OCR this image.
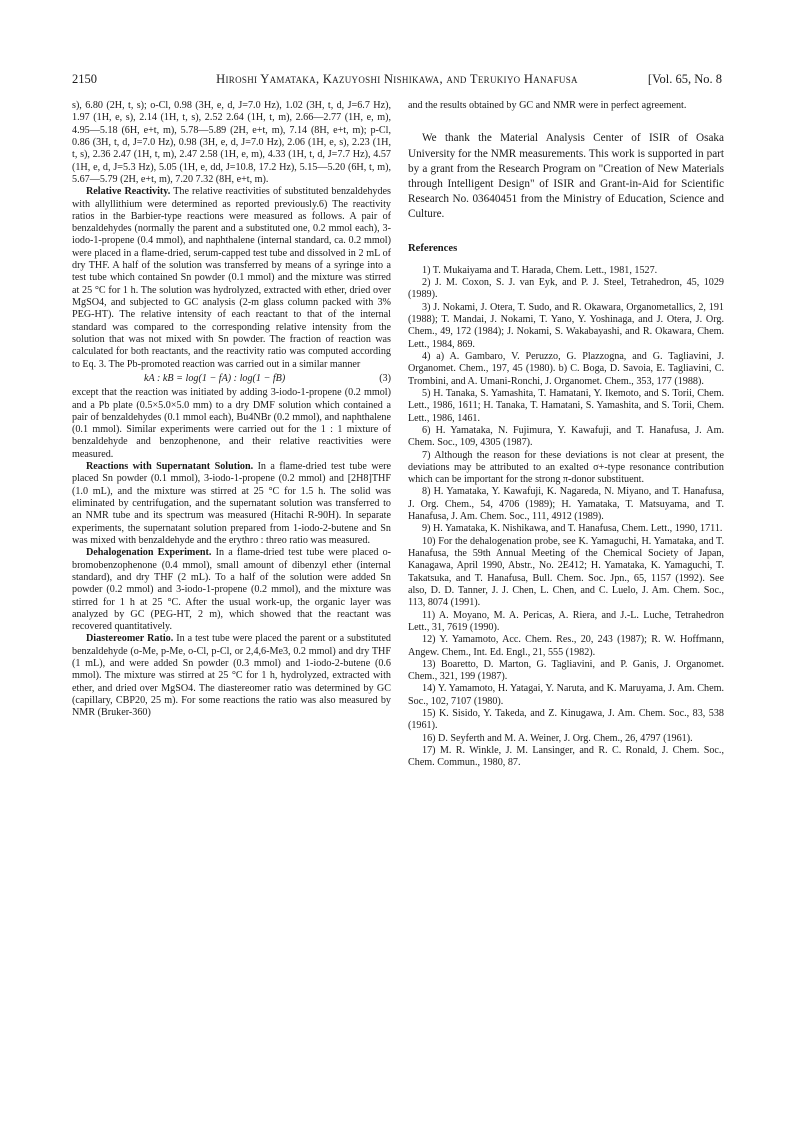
2150	Hiroshi Yamataka, Kazuyoshi Nishikawa, and Terukiyo Hanafusa	[Vol. 65, No. 8

s), 6.80 (2H, t, s); o-Cl, 0.98 (3H, e, d, J=7.0 Hz), 1.02 (3H, t, d, J=6.7 Hz), 1.97 (1H, e, s), 2.14 (1H, t, s), 2.52 2.64 (1H, t, m), 2.66—2.77 (1H, e, m), 4.95—5.18 (6H, e+t, m), 5.78—5.89 (2H, e+t, m), 7.14 (8H, e+t, m); p-Cl, 0.86 (3H, t, d, J=7.0 Hz), 0.98 (3H, e, d, J=7.0 Hz), 2.06 (1H, e, s), 2.23 (1H, t, s), 2.36 2.47 (1H, t, m), 2.47 2.58 (1H, e, m), 4.33 (1H, t, d, J=7.7 Hz), 4.57 (1H, e, d, J=5.3 Hz), 5.05 (1H, e, dd, J=10.8, 17.2 Hz), 5.15—5.20 (6H, t, m), 5.67—5.79 (2H, e+t, m), 7.20 7.32 (8H, e+t, m).

Relative Reactivity. The relative reactivities of substituted benzaldehydes with allyllithium were determined as reported previously.6) The reactivity ratios in the Barbier-type reactions were measured as follows. A pair of benzaldehydes (normally the parent and a substituted one, 0.2 mmol each), 3-iodo-1-propene (0.4 mmol), and naphthalene (internal standard, ca. 0.2 mmol) were placed in a flame-dried, serum-capped test tube and dissolved in 2 mL of dry THF. A half of the solution was transferred by means of a syringe into a test tube which contained Sn powder (0.1 mmol) and the mixture was stirred at 25 °C for 1 h. The solution was hydrolyzed, extracted with ether, dried over MgSO4, and subjected to GC analysis (2-m glass column packed with 3% PEG-HT). The relative intensity of each reactant to that of the internal standard was compared to the corresponding relative intensity from the solution that was not mixed with Sn powder. The fraction of reaction was calculated for both reactants, and the reactivity ratio was computed according to Eq. 3. The Pb-promoted reaction was carried out in a similar manner

kA : kB = log(1 − fA) : log(1 − fB)	(3)

except that the reaction was initiated by adding 3-iodo-1-propene (0.2 mmol) and a Pb plate (0.5×5.0×5.0 mm) to a dry DMF solution which contained a pair of benzaldehydes (0.1 mmol each), Bu4NBr (0.2 mmol), and naphthalene (0.1 mmol). Similar experiments were carried out for the 1 : 1 mixture of benzaldehyde and benzophenone, and their relative reactivities were measured.

Reactions with Supernatant Solution. In a flame-dried test tube were placed Sn powder (0.1 mmol), 3-iodo-1-propene (0.2 mmol) and [2H8]THF (1.0 mL), and the mixture was stirred at 25 °C for 1.5 h. The solid was eliminated by centrifugation, and the supernatant solution was transferred to an NMR tube and its spectrum was measured (Hitachi R-90H). In separate experiments, the supernatant solution prepared from 1-iodo-2-butene and Sn was mixed with benzaldehyde and the erythro : threo ratio was measured.

Dehalogenation Experiment. In a flame-dried test tube were placed o-bromobenzophenone (0.4 mmol), small amount of dibenzyl ether (internal standard), and dry THF (2 mL). To a half of the solution were added Sn powder (0.2 mmol) and 3-iodo-1-propene (0.2 mmol), and the mixture was stirred for 1 h at 25 °C. After the usual work-up, the organic layer was analyzed by GC (PEG-HT, 2 m), which showed that the reactant was recovered quantitatively.

Diastereomer Ratio. In a test tube were placed the parent or a substituted benzaldehyde (o-Me, p-Me, o-Cl, p-Cl, or 2,4,6-Me3, 0.2 mmol) and dry THF (1 mL), and were added Sn powder (0.3 mmol) and 1-iodo-2-butene (0.6 mmol). The mixture was stirred at 25 °C for 1 h, hydrolyzed, extracted with ether, and dried over MgSO4. The diastereomer ratio was determined by GC (capillary, CBP20, 25 m). For some reactions the ratio was also measured by NMR (Bruker-360)

and the results obtained by GC and NMR were in perfect agreement.

We thank the Material Analysis Center of ISIR of Osaka University for the NMR measurements. This work is supported in part by a grant from the Research Program on "Creation of New Materials through Intelligent Design" of ISIR and Grant-in-Aid for Scientific Research No. 03640451 from the Ministry of Education, Science and Culture.

References

1) T. Mukaiyama and T. Harada, Chem. Lett., 1981, 1527.

2) J. M. Coxon, S. J. van Eyk, and P. J. Steel, Tetrahedron, 45, 1029 (1989).

3) J. Nokami, J. Otera, T. Sudo, and R. Okawara, Organometallics, 2, 191 (1988); T. Mandai, J. Nokami, T. Yano, Y. Yoshinaga, and J. Otera, J. Org. Chem., 49, 172 (1984); J. Nokami, S. Wakabayashi, and R. Okawara, Chem. Lett., 1984, 869.

4) a) A. Gambaro, V. Peruzzo, G. Plazzogna, and G. Tagliavini, J. Organomet. Chem., 197, 45 (1980). b) C. Boga, D. Savoia, E. Tagliavini, C. Trombini, and A. Umani-Ronchi, J. Organomet. Chem., 353, 177 (1988).

5) H. Tanaka, S. Yamashita, T. Hamatani, Y. Ikemoto, and S. Torii, Chem. Lett., 1986, 1611; H. Tanaka, T. Hamatani, S. Yamashita, and S. Torii, Chem. Lett., 1986, 1461.

6) H. Yamataka, N. Fujimura, Y. Kawafuji, and T. Hanafusa, J. Am. Chem. Soc., 109, 4305 (1987).

7) Although the reason for these deviations is not clear at present, the deviations may be attributed to an exalted σ+-type resonance contribution which can be important for the strong π-donor substituent.

8) H. Yamataka, Y. Kawafuji, K. Nagareda, N. Miyano, and T. Hanafusa, J. Org. Chem., 54, 4706 (1989); H. Yamataka, T. Matsuyama, and T. Hanafusa, J. Am. Chem. Soc., 111, 4912 (1989).

9) H. Yamataka, K. Nishikawa, and T. Hanafusa, Chem. Lett., 1990, 1711.

10) For the dehalogenation probe, see K. Yamaguchi, H. Yamataka, and T. Hanafusa, the 59th Annual Meeting of the Chemical Society of Japan, Kanagawa, April 1990, Abstr., No. 2E412; H. Yamataka, K. Yamaguchi, T. Takatsuka, and T. Hanafusa, Bull. Chem. Soc. Jpn., 65, 1157 (1992). See also, D. D. Tanner, J. J. Chen, L. Chen, and C. Luelo, J. Am. Chem. Soc., 113, 8074 (1991).

11) A. Moyano, M. A. Pericas, A. Riera, and J.-L. Luche, Tetrahedron Lett., 31, 7619 (1990).

12) Y. Yamamoto, Acc. Chem. Res., 20, 243 (1987); R. W. Hoffmann, Angew. Chem., Int. Ed. Engl., 21, 555 (1982).

13) Boaretto, D. Marton, G. Tagliavini, and P. Ganis, J. Organomet. Chem., 321, 199 (1987).

14) Y. Yamamoto, H. Yatagai, Y. Naruta, and K. Maruyama, J. Am. Chem. Soc., 102, 7107 (1980).

15) K. Sisido, Y. Takeda, and Z. Kinugawa, J. Am. Chem. Soc., 83, 538 (1961).

16) D. Seyferth and M. A. Weiner, J. Org. Chem., 26, 4797 (1961).

17) M. R. Winkle, J. M. Lansinger, and R. C. Ronald, J. Chem. Soc., Chem. Commun., 1980, 87.
